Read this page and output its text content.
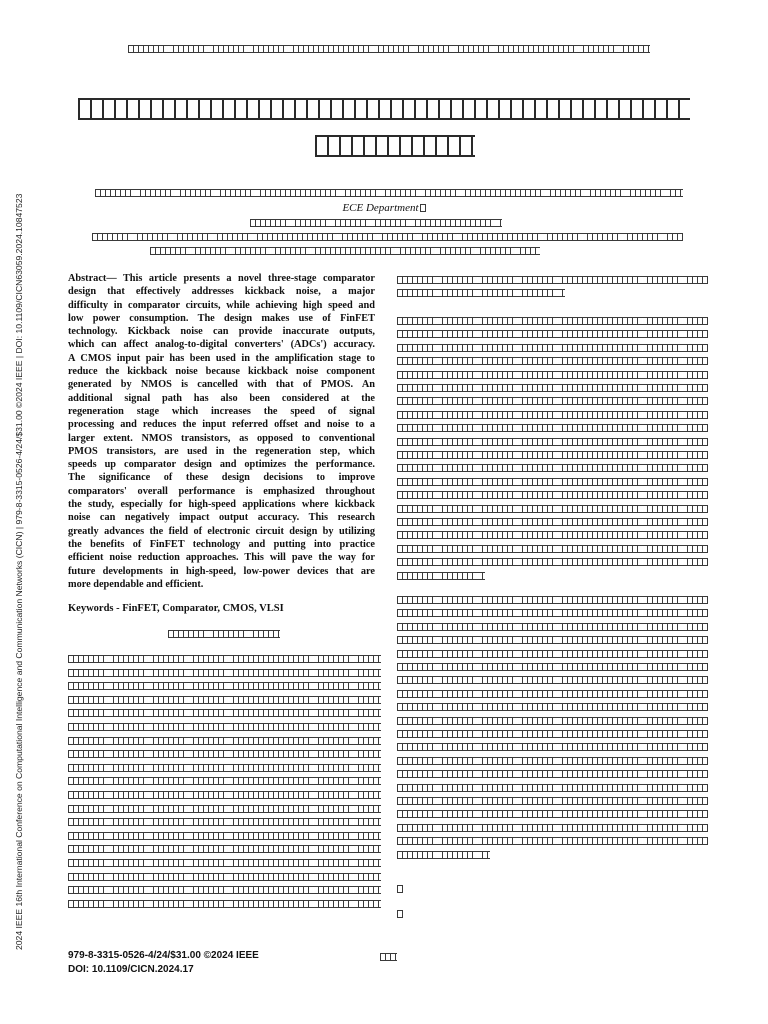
2024 IEEE 16th International Conference on Computational Intelligence and Communication Networks (CICN) | 979-8-3315-0526-4/24/$31.00 ©2024 IEEE | DOI: 10.1109/CICN63059.2024.10847523	ECE Department
Abstract— This article presents a novel three-stage comparator
design that effectively addresses kickback noise, a major
difficulty in comparator circuits, while achieving high speed and
low power consumption. The design makes use of FinFET
technology. Kickback noise can provide inaccurate outputs,
which can affect analog-to-digital converters' (ADCs') accuracy.
A CMOS input pair has been used in the amplification stage to
reduce the kickback noise because kickback noise component
generated by NMOS is cancelled with that of PMOS. An
additional signal path has also been considered at the
regeneration stage which increases the speed of signal
processing and reduces the input referred offset and noise to a
larger extent. NMOS transistors, as opposed to conventional
PMOS transistors, are used in the regeneration step, which
speeds up comparator design and optimizes the performance.
The significance of these design decisions to improve
comparators' overall performance is emphasized throughout
the study, especially for high-speed applications where kickback
noise can negatively impact output accuracy. This research
greatly advances the field of electronic circuit design by utilizing
the benefits of FinFET technology and putting into practice
efficient noise reduction approaches. This will pave the way for
future developments in high-speed, low-power devices that are
more dependable and efficient.
Keywords - FinFET, Comparator, CMOS, VLSI
979-8-3315-0526-4/24/$31.00 ©2024 IEEE
DOI: 10.1109/CICN.2024.17
